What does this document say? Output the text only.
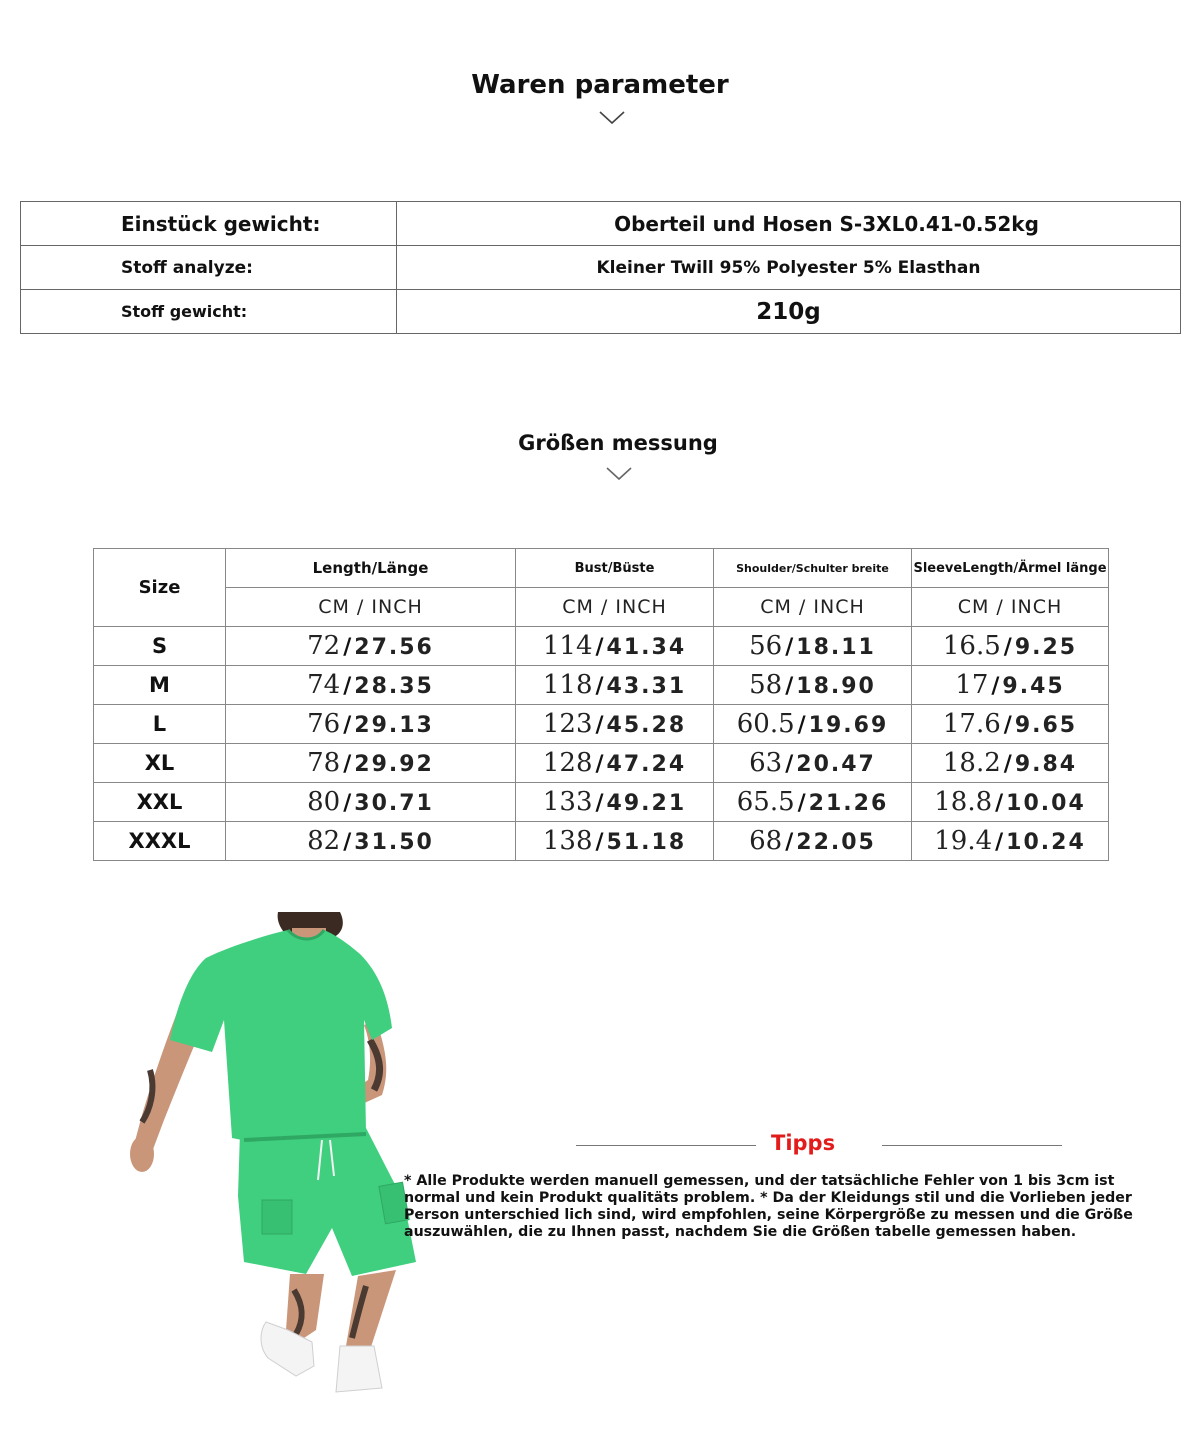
Waren parameter
Einstück gewicht:	Oberteil und Hosen S-3XL0.41-0.52kg
Stoff analyze:	Kleiner Twill 95% Polyester 5% Elasthan
Stoff gewicht:	210g
Größen messung
Size	Length/Länge	Bust/Büste	Shoulder/Schulter breite	SleeveLength/Ärmel länge
	CM / INCH	CM / INCH	CM / INCH	CM / INCH
S	72 / 27.56	114 / 41.34	56 / 18.11	16.5 / 9.25
M	74 / 28.35	118 / 43.31	58 / 18.90	17 / 9.45
L	76 / 29.13	123 / 45.28	60.5 / 19.69	17.6 / 9.65
XL	78 / 29.92	128 / 47.24	63 / 20.47	18.2 / 9.84
XXL	80 / 30.71	133 / 49.21	65.5 / 21.26	18.8 / 10.04
XXXL	82 / 31.50	138 / 51.18	68 / 22.05	19.4 / 10.24
Tipps
* Alle Produkte werden manuell gemessen, und der tatsächliche Fehler von 1 bis 3cm ist normal und kein Produkt qualitäts problem. * Da der Kleidungs stil und die Vorlieben jeder Person unterschied lich sind, wird empfohlen, seine Körpergröße zu messen und die Größe auszuwählen, die zu Ihnen passt, nachdem Sie die Größen tabelle gemessen haben.
